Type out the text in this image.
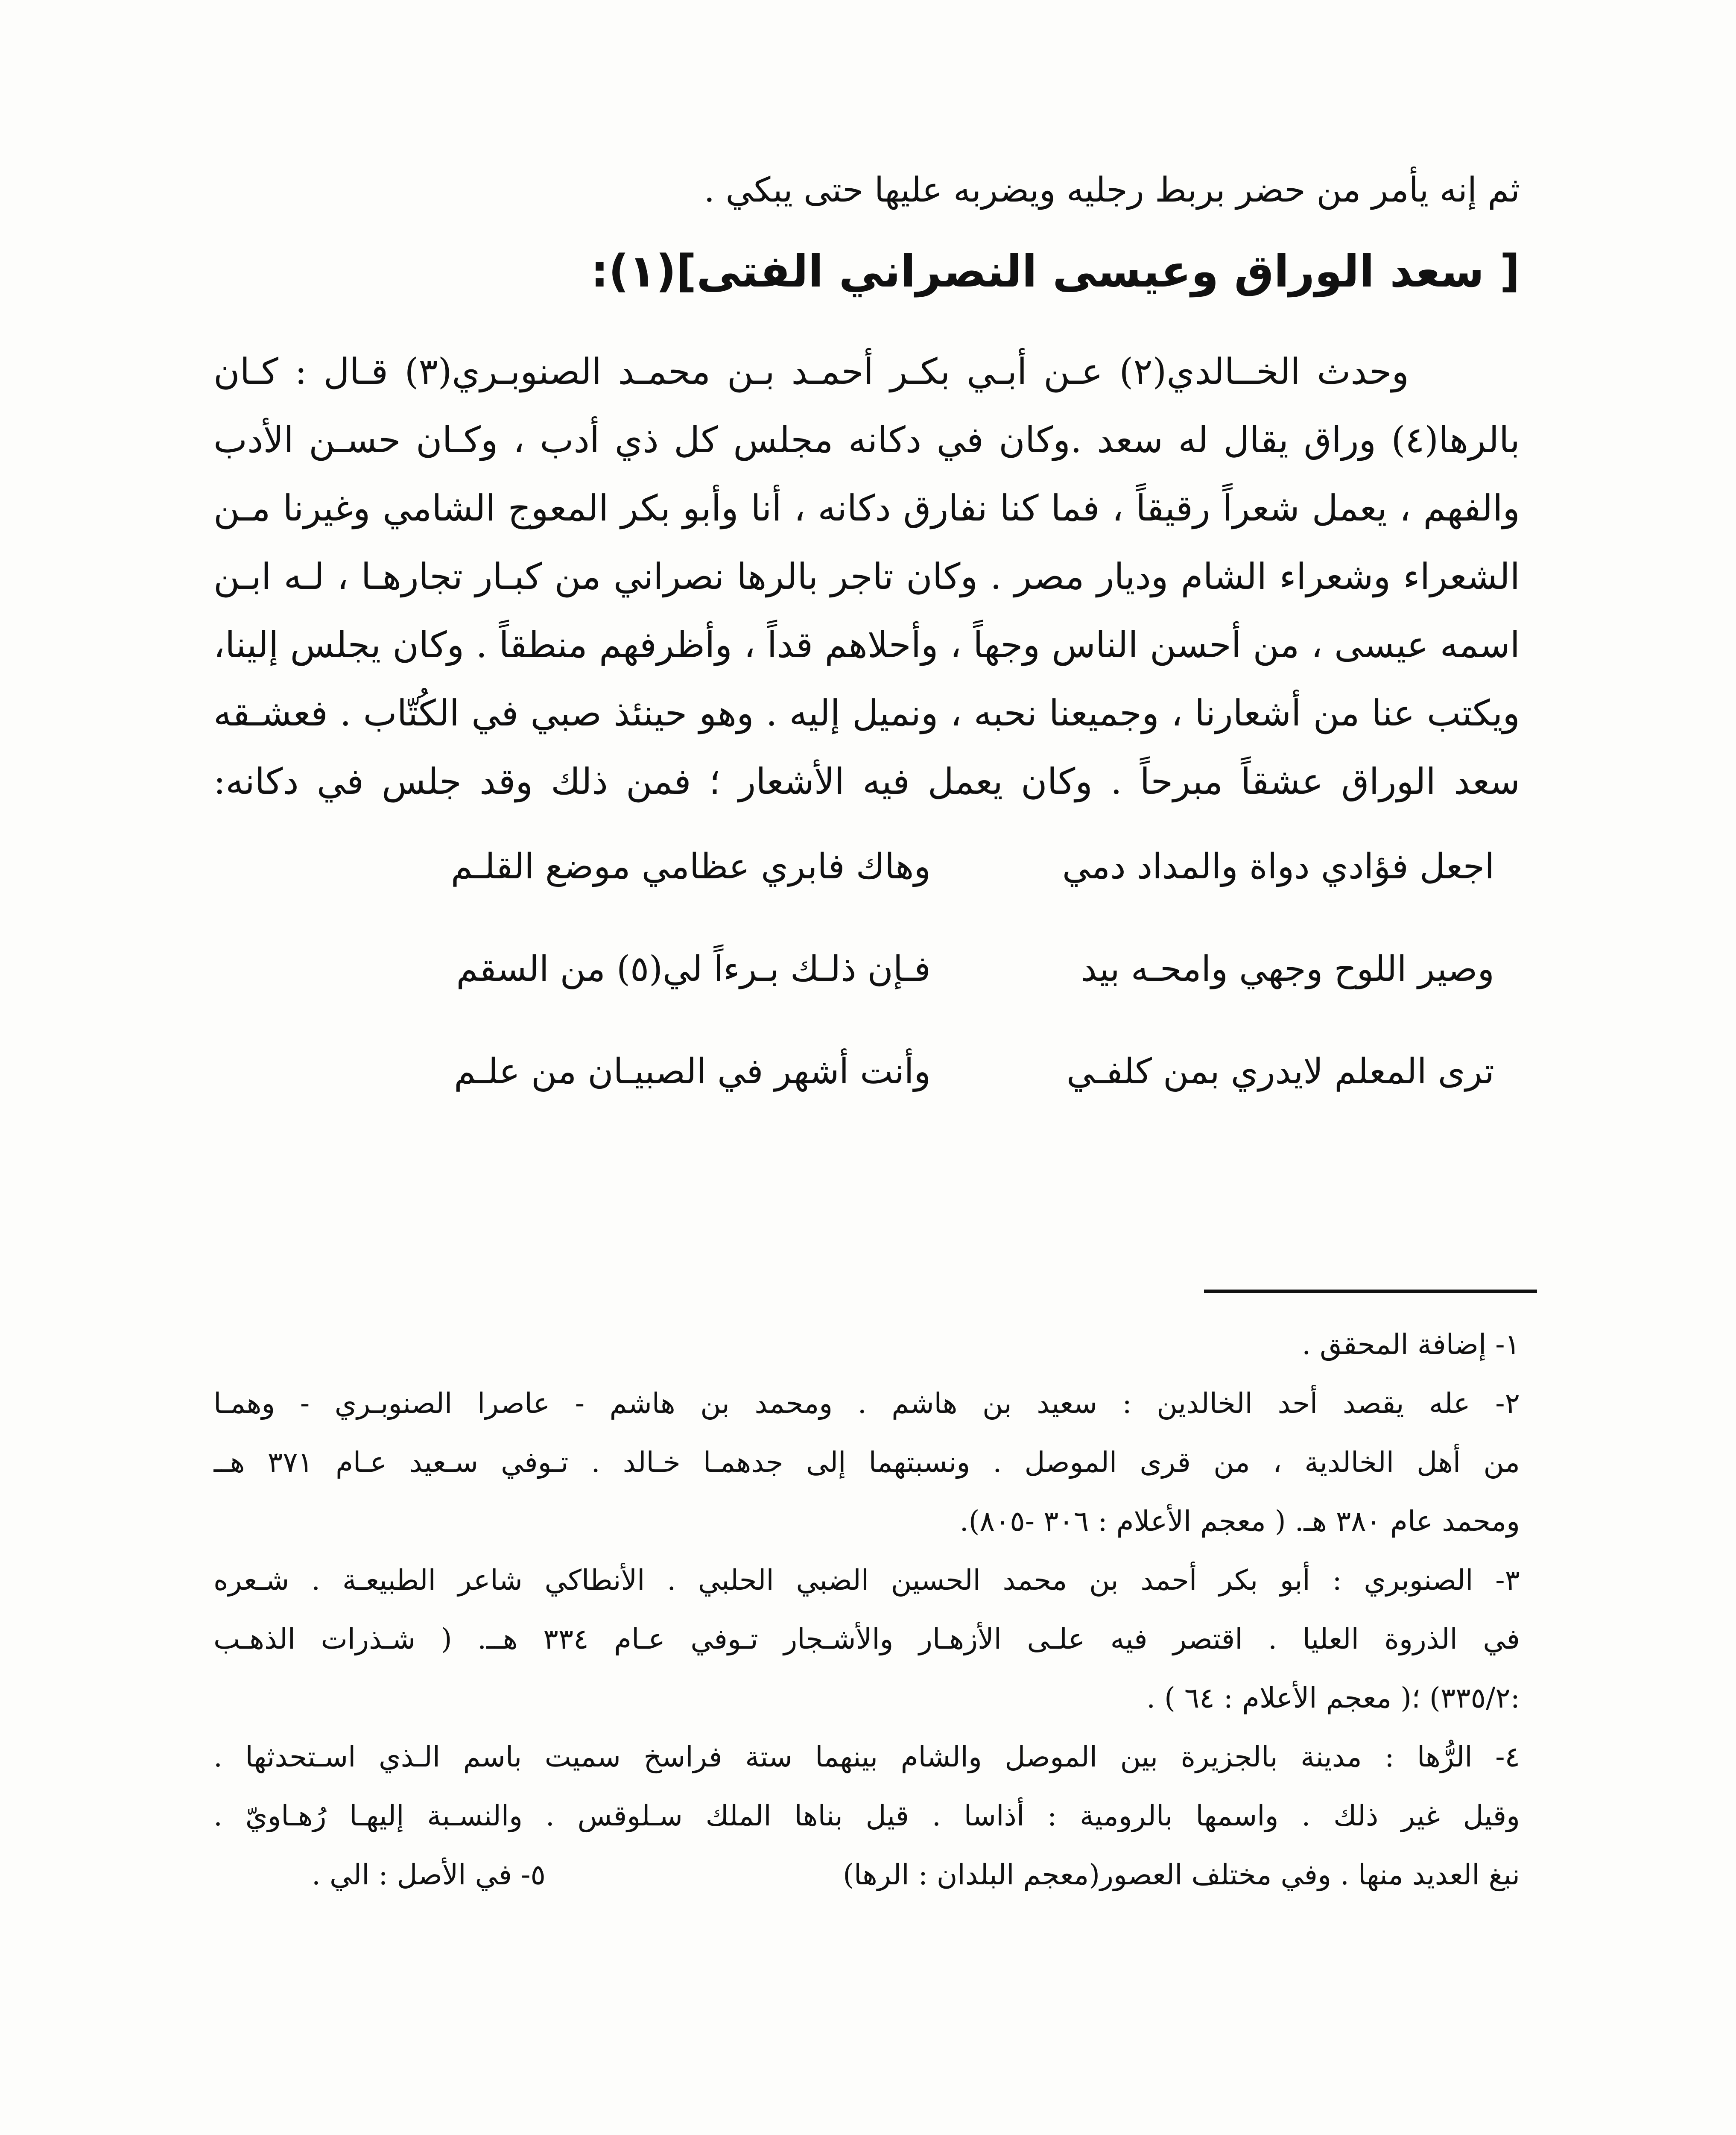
ثم إنه يأمر من حضر بربط رجليه ويضربه عليها حتى يبكي .
[ سعد الوراق وعيسى النصراني الفتى](١):
وحدث الخــالدي(٢) عـن أبـي بكـر أحمـد بـن محمـد الصنوبـري(٣) قـال : كـان
بالرها(٤) وراق يقال له سعد .وكان في دكانه مجلس كل ذي أدب ، وكـان حسـن الأدب
والفهم ، يعمل شعراً رقيقاً ، فما كنا نفارق دكانه ، أنا وأبو بكر المعوج الشامي وغيرنا مـن
الشعراء وشعراء الشام وديار مصر . وكان تاجر بالرها نصراني من كبـار تجارهـا ، لـه ابـن
اسمه عيسى ، من أحسن الناس وجهاً ، وأحلاهم قداً ، وأظرفهم منطقاً . وكان يجلس إلينا،
ويكتب عنا من أشعارنا ، وجميعنا نحبه ، ونميل إليه . وهو حينئذ صبي في الكُتّاب . فعشـقه
سعد الوراق عشقاً مبرحاً . وكان يعمل فيه الأشعار ؛ فمن ذلك وقد جلس في دكانه:
اجعل فؤادي دواة والمداد دمي
وهاك فابري عظامي موضع القلـم
وصير اللوح وجهي وامحـه بيد
فـإن ذلـك بـرءاً لي(٥) من السقم
ترى المعلم لايدري بمن كلفـي
وأنت أشهر في الصبيـان من علـم
١- إضافة المحقق .
٢- عله يقصد أحد الخالدين : سعيد بن هاشم . ومحمد بن هاشم - عاصرا الصنوبـري - وهمـا
من أهل الخالدية ، من قرى الموصل . ونسبتهما إلى جدهمـا خـالد . تـوفي سـعيد عـام ٣٧١ هــ
ومحمد عام ٣٨٠ هـ. ( معجم الأعلام : ٣٠٦ -٨٠٥).
٣- الصنوبري : أبو بكر أحمد بن محمد الحسين الضبي الحلبي . الأنطاكي شاعر الطبيعـة . شـعره
في الذروة العليا . اقتصر فيه علـى الأزهـار والأشـجار تـوفي عـام ٣٣٤ هــ. ( شـذرات الذهـب
:٣٣٥/٢) ؛( معجم الأعلام : ٦٤ ) .
٤- الرُّها : مدينة بالجزيرة بين الموصل والشام بينهما ستة فراسخ سميت باسم الـذي اسـتحدثها .
وقيل غير ذلك . واسمها بالرومية : أذاسا . قيل بناها الملك سـلوقس . والنسـبة إليهـا رُهـاويّ .
نبغ العديد منها . وفي مختلف العصور(معجم البلدان : الرها)
٥- في الأصل : الي .
